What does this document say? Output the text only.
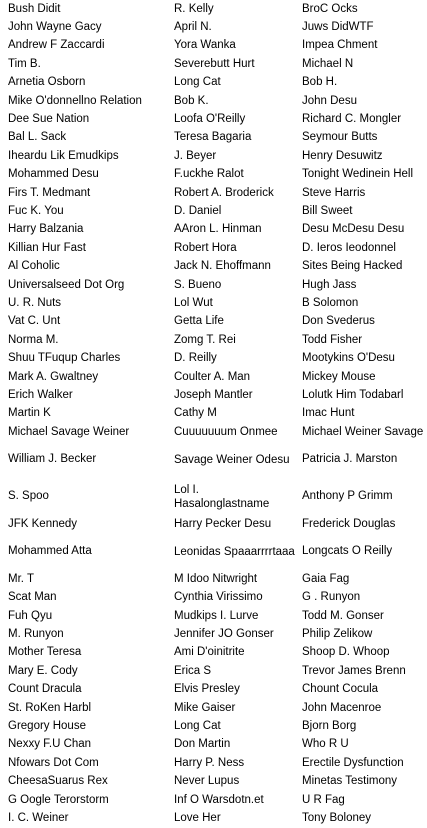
Bush Didit	R. Kelly	BroC Ocks
John Wayne Gacy	April N.	Juws DidWTF
Andrew F Zaccardi	Yora Wanka	Impea Chment
Tim B.	Severebutt Hurt	Michael N
Arnetia Osborn	Long Cat	Bob H.
Mike O'donnellno Relation	Bob K.	John Desu
Dee Sue Nation	Loofa O'Reilly	Richard C. Mongler
Bal L. Sack	Teresa Bagaria	Seymour Butts
Iheardu Lik Emudkips	J. Beyer	Henry Desuwitz
Mohammed Desu	F.uckhe Ralot	Tonight Wedinein Hell
Firs T. Medmant	Robert A. Broderick	Steve Harris
Fuc K. You	D. Daniel	Bill Sweet
Harry Balzania	AAron L. Hinman	Desu McDesu Desu
Killian Hur Fast	Robert Hora	D. Ieros Ieodonnel
Al Coholic	Jack N. Ehoffmann	Sites Being Hacked
Universalseed Dot Org	S. Bueno	Hugh Jass
U. R. Nuts	Lol Wut	B Solomon
Vat C. Unt	Getta Life	Don Svederus
Norma M.	Zomg T. Rei	Todd Fisher
Shuu TFuqup Charles	D. Reilly	Mootykins O'Desu
Mark A. Gwaltney	Coulter A. Man	Mickey Mouse
Erich Walker	Joseph Mantler	Lolutk Him Todabarl
Martin K	Cathy M	Imac Hunt
Michael Savage Weiner	Cuuuuuuum Onmee	Michael Weiner Savage
William J. Becker	Savage Weiner Odesu	Patricia J. Marston
S. Spoo	Lol I. Hasalonglastname	Anthony P Grimm
JFK Kennedy	Harry Pecker Desu	Frederick Douglas
Mohammed Atta	Leonidas Spaaarrrrtaaa	Longcats O Reilly
Mr. T	M Idoo Nitwright	Gaia Fag
Scat Man	Cynthia Virissimo	G . Runyon
Fuh Qyu	Mudkips I. Lurve	Todd M. Gonser
M. Runyon	Jennifer JO Gonser	Philip Zelikow
Mother Teresa	Ami D'oinitrite	Shoop D. Whoop
Mary E. Cody	Erica S	Trevor James Brenn
Count Dracula	Elvis Presley	Chount Cocula
St. RoKen Harbl	Mike Gaiser	John Macenroe
Gregory House	Long Cat	Bjorn Borg
Nexxy F.U Chan	Don Martin	Who R U
Nfowars Dot Com	Harry P. Ness	Erectile Dysfunction
CheesaSuarus Rex	Never Lupus	Minetas Testimony
G Oogle Terorstorm	Inf O Warsdotn.et	U R Fag
I. C. Weiner	Love Her	Tony Boloney
